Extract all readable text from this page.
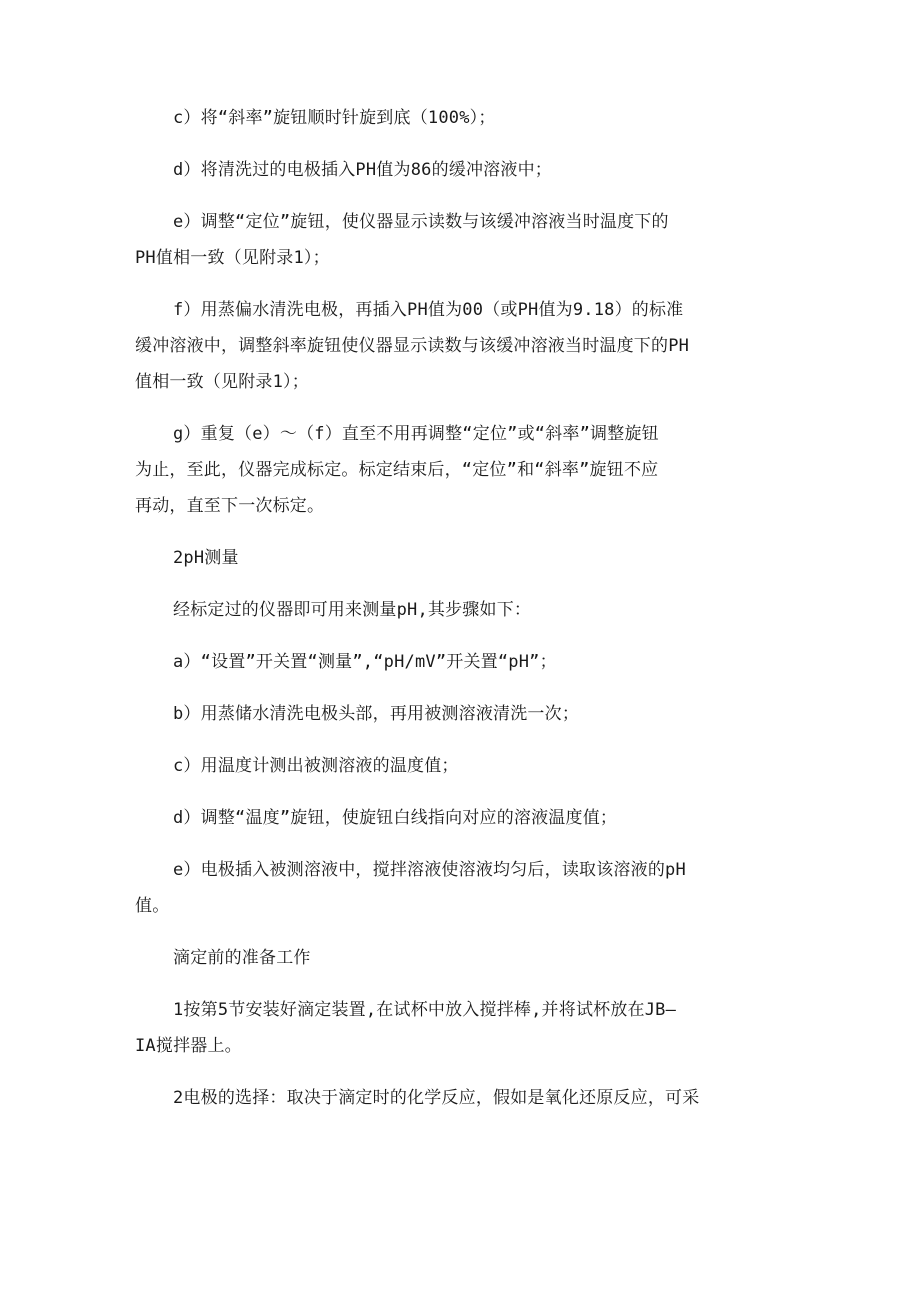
c）将“斜率”旋钮顺时针旋到底（100%）；

d）将清洗过的电极插入PH值为86的缓冲溶液中；

e）调整“定位”旋钮，使仪器显示读数与该缓冲溶液当时温度下的
PH值相一致（见附录1）；

f）用蒸偏水清洗电极，再插入PH值为00（或PH值为9.18）的标准
缓冲溶液中，调整斜率旋钮使仪器显示读数与该缓冲溶液当时温度下的PH
值相一致（见附录1）；

g）重复（e）～（f）直至不用再调整“定位”或“斜率”调整旋钮
为止，至此，仪器完成标定。标定结束后，“定位”和“斜率”旋钮不应
再动，直至下一次标定。

2pH测量

经标定过的仪器即可用来测量pH,其步骤如下：

a）“设置”开关置“测量”,“pH/mV”开关置“pH”；

b）用蒸储水清洗电极头部，再用被测溶液清洗一次；

c）用温度计测出被测溶液的温度值；

d）调整“温度”旋钮，使旋钮白线指向对应的溶液温度值；

e）电极插入被测溶液中，搅拌溶液使溶液均匀后，读取该溶液的pH
值。

滴定前的准备工作

1按第5节安装好滴定装置,在试杯中放入搅拌棒,并将试杯放在JB—
IA搅拌器上。

2电极的选择：取决于滴定时的化学反应，假如是氧化还原反应，可采
